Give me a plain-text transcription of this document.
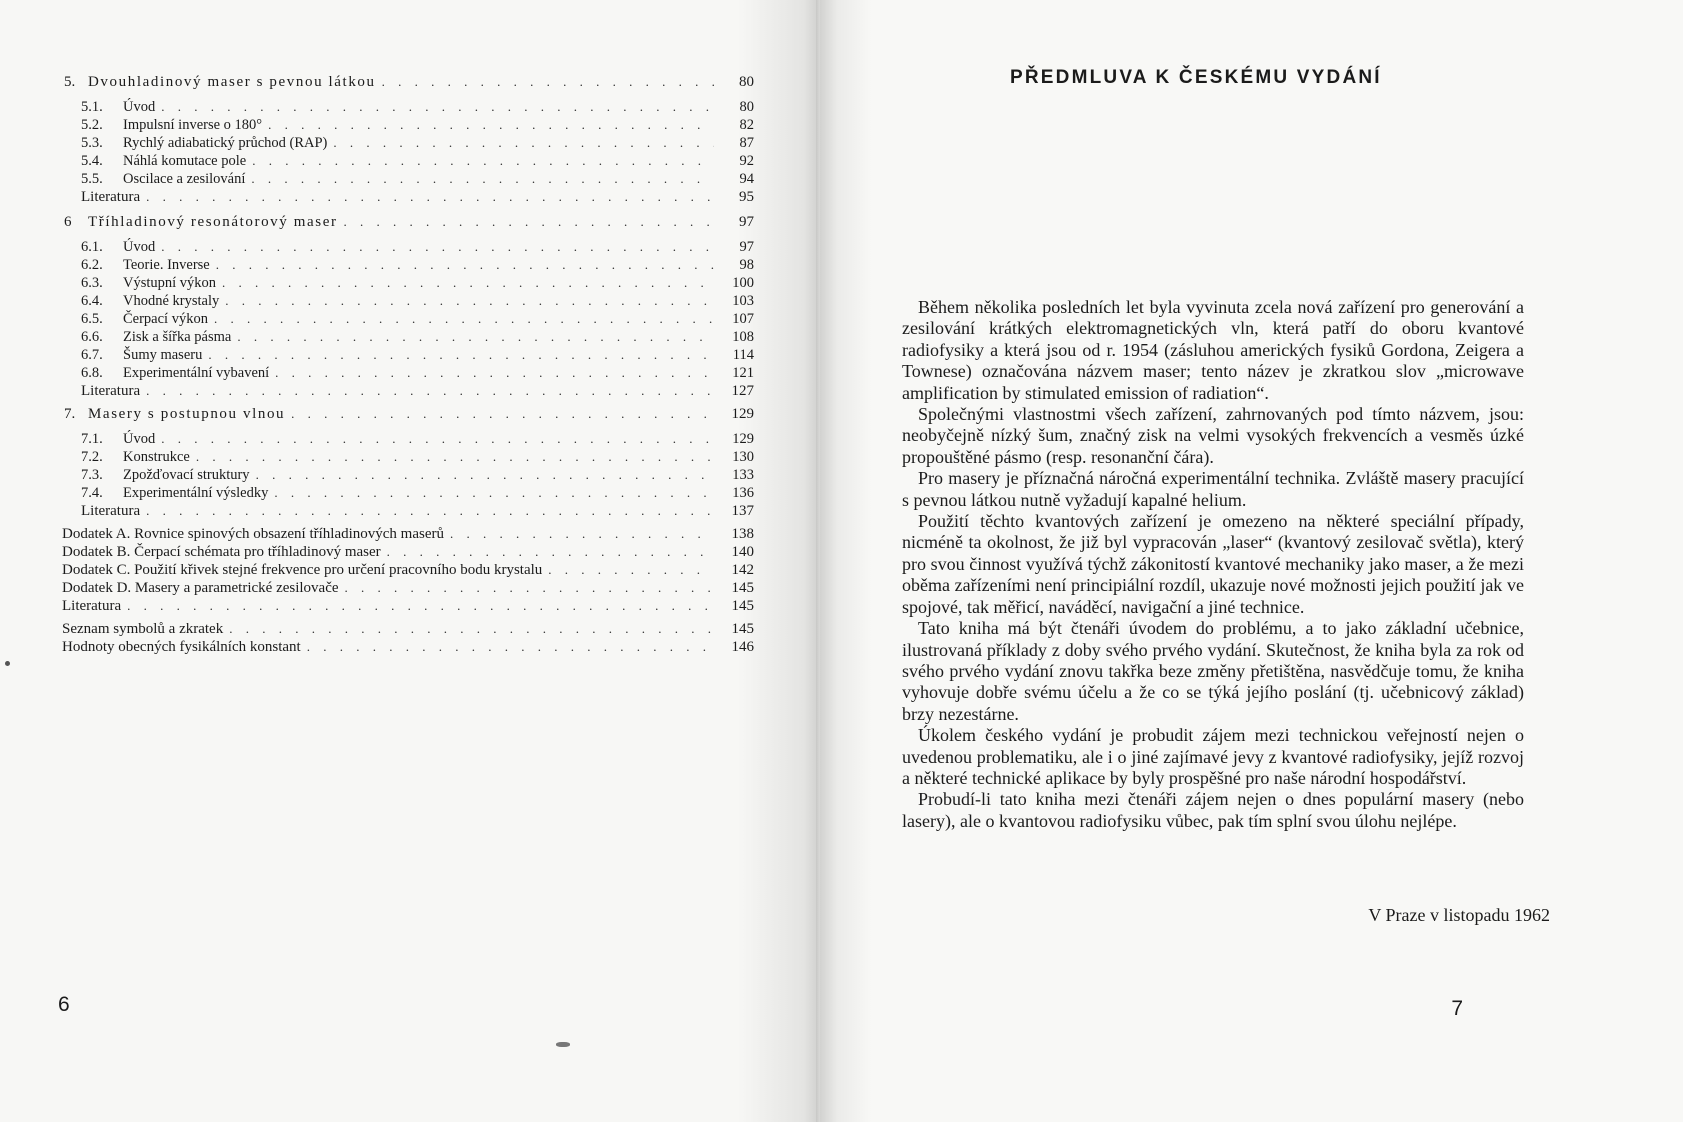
5. Dvouhladinový maser s pevnou látkou . . .	80
5.1.	Úvod . . .	80
5.2.	Impulsní inverse o 180° . . .	82
5.3.	Rychlý adiabatický průchod (RAP) . . .	87
5.4.	Náhlá komutace pole . . .	92
5.5.	Oscilace a zesilování . . .	94
Literatura . . .	95
6	Tříhladinový resonátorový maser . . .	97
6.1.	Úvod . . .	97
6.2.	Teorie. Inverse . . .	98
6.3.	Výstupní výkon . . .	100
6.4.	Vhodné krystaly . . .	103
6.5.	Čerpací výkon . . .	107
6.6.	Zisk a šířka pásma . . .	108
6.7.	Šumy maseru . . .	114
6.8.	Experimentální vybavení . . .	121
Literatura . . .	127
7. Masery s postupnou vlnou . . .	129
7.1.	Úvod . . .	129
7.2.	Konstrukce . . .	130
7.3.	Zpožďovací struktury . . .	133
7.4.	Experimentální výsledky . . .	136
Literatura . . .	137
Dodatek A. Rovnice spinových obsazení tříhladinových maserů . . .	138
Dodatek B. Čerpací schémata pro tříhladinový maser . . .	140
Dodatek C. Použití křivek stejné frekvence pro určení pracovního bodu krystalu . . .	142
Dodatek D. Masery a parametrické zesilovače . . .	145
Literatura . . .	145
Seznam symbolů a zkratek . . .	145
Hodnoty obecných fysikálních konstant . . .	146
6
PŘEDMLUVA K ČESKÉMU VYDÁNÍ

Během několika posledních let byla vyvinuta zcela nová zařízení pro generování a zesilování krátkých elektromagnetických vln, která patří do oboru kvantové radiofysiky a která jsou od r. 1954 (zásluhou amerických fysiků Gordona, Zeigera a Townese) označována názvem maser; tento název je zkratkou slov „microwave amplification by stimulated emission of radiation“.

Společnými vlastnostmi všech zařízení, zahrnovaných pod tímto názvem, jsou: neobyčejně nízký šum, značný zisk na velmi vysokých frekvencích a vesměs úzké propouštěné pásmo (resp. resonanční čára).

Pro masery je příznačná náročná experimentální technika. Zvláště masery pracující s pevnou látkou nutně vyžadují kapalné helium.

Použití těchto kvantových zařízení je omezeno na některé speciální případy, nicméně ta okolnost, že již byl vypracován „laser“ (kvantový zesilovač světla), který pro svou činnost využívá týchž zákonitostí kvantové mechaniky jako maser, a že mezi oběma zařízeními není principiální rozdíl, ukazuje nové možnosti jejich použití jak ve spojové, tak měřicí, naváděcí, navigační a jiné technice.

Tato kniha má být čtenáři úvodem do problému, a to jako základní učebnice, ilustrovaná příklady z doby svého prvého vydání. Skutečnost, že kniha byla za rok od svého prvého vydání znovu takřka beze změny přetištěna, nasvědčuje tomu, že kniha vyhovuje dobře svému účelu a že co se týká jejího poslání (tj. učebnicový základ) brzy nezestárne.

Úkolem českého vydání je probudit zájem mezi technickou veřejností nejen o uvedenou problematiku, ale i o jiné zajímavé jevy z kvantové radiofysiky, jejíž rozvoj a některé technické aplikace by byly prospěšné pro naše národní hospodářství.

Probudí-li tato kniha mezi čtenáři zájem nejen o dnes populární masery (nebo lasery), ale o kvantovou radiofysiku vůbec, pak tím splní svou úlohu nejlépe.

V Praze v listopadu 1962
7
